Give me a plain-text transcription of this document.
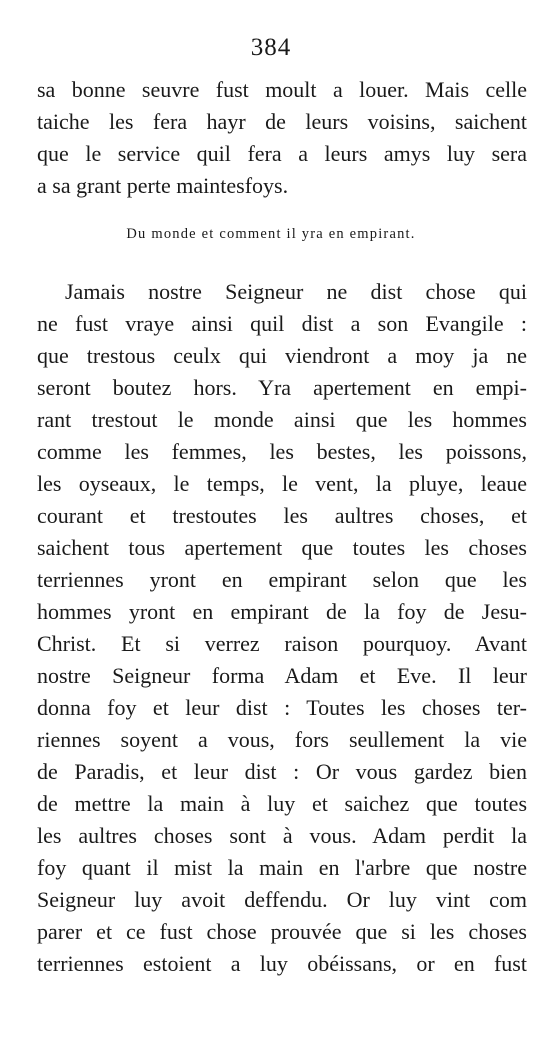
384
sa bonne seuvre fust moult a louer. Mais celle
taiche les fera hayr de leurs voisins, saichent
que le service quil fera a leurs amys luy sera
a sa grant perte maintesfoys.
Du monde et comment il yra en empirant.
Jamais nostre Seigneur ne dist chose qui
ne fust vraye ainsi quil dist a son Evangile :
que trestous ceulx qui viendront a moy ja ne
seront boutez hors. Yra apertement en empi-
rant trestout le monde ainsi que les hommes
comme les femmes, les bestes, les poissons,
les oyseaux, le temps, le vent, la pluye, leaue
courant et trestoutes les aultres choses, et
saichent tous apertement que toutes les choses
terriennes yront en empirant selon que les
hommes yront en empirant de la foy de Jesu-
Christ. Et si verrez raison pourquoy. Avant
nostre Seigneur forma Adam et Eve. Il leur
donna foy et leur dist : Toutes les choses ter-
riennes soyent a vous, fors seullement la vie
de Paradis, et leur dist : Or vous gardez bien
de mettre la main à luy et saichez que toutes
les aultres choses sont à vous. Adam perdit la
foy quant il mist la main en l'arbre que nostre
Seigneur luy avoit deffendu. Or luy vint com
parer et ce fust chose prouvée que si les choses
terriennes estoient a luy obéissans, or en fust
